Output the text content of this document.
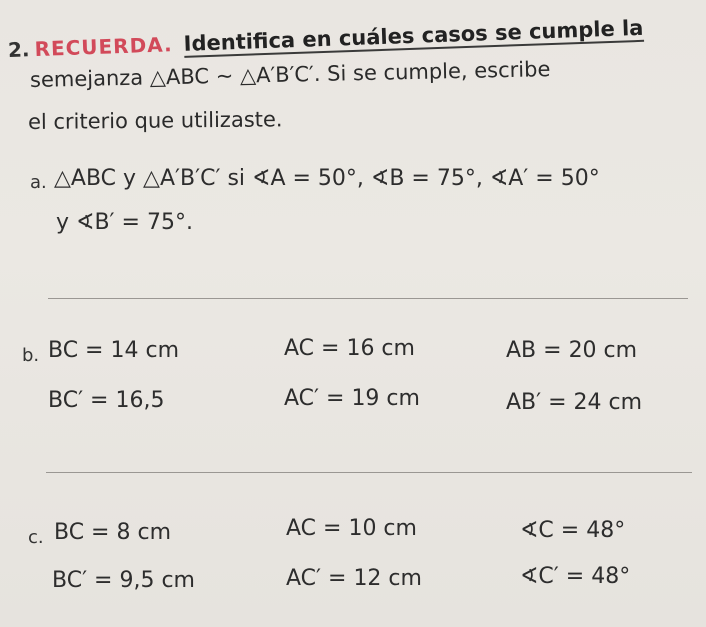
2. RECUERDA. Identifica en cuáles casos se cumple la
semejanza △ABC ∼ △A′B′C′. Si se cumple, escribe
el criterio que utilizaste.
a. △ABC y △A′B′C′ si ∢A = 50°, ∢B = 75°, ∢A′ = 50°
y ∢B′ = 75°.
b. BC = 14 cm	AC = 16 cm	AB = 20 cm
BC′ = 16,5	AC′ = 19 cm	AB′ = 24 cm
c. BC = 8 cm	AC = 10 cm	∢C = 48°
BC′ = 9,5 cm	AC′ = 12 cm	∢C′ = 48°
